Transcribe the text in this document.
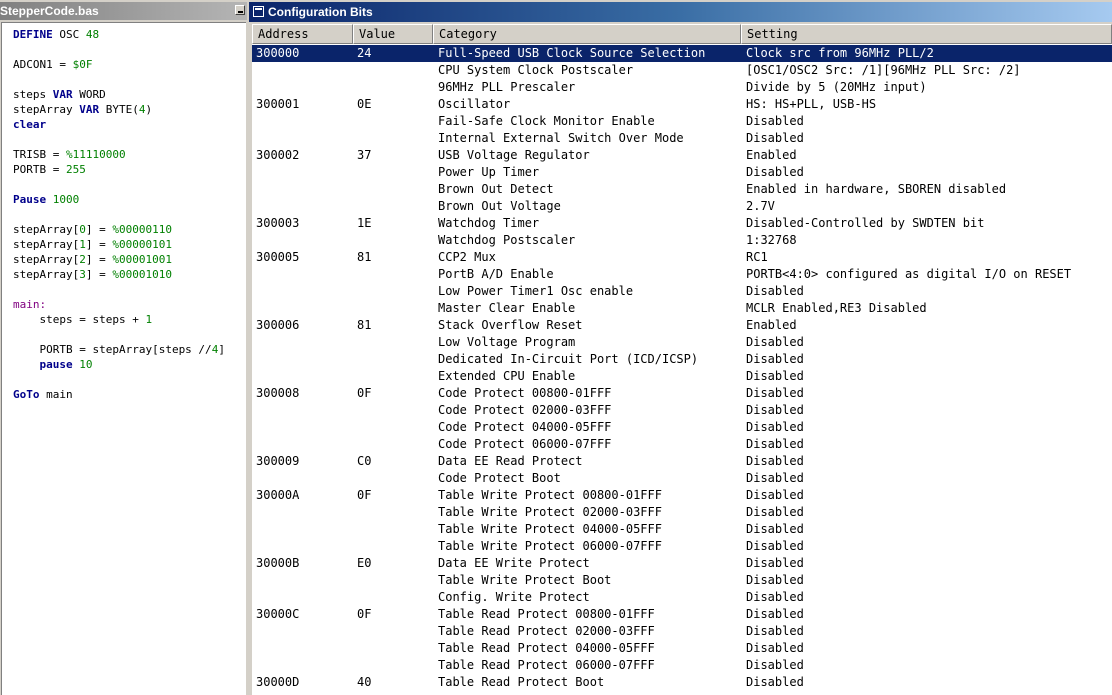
StepperCode.bas
DEFINE OSC 48
ADCON1 = $0F
steps VAR WORD
stepArray VAR BYTE(4)
clear
TRISB = %11110000
PORTB = 255
Pause 1000
stepArray[0] = %00000110
stepArray[1] = %00000101
stepArray[2] = %00001001
stepArray[3] = %00001010
main:
steps = steps + 1
PORTB = stepArray[steps //4]
pause 10
GoTo main
Configuration Bits
Address	Value	Category	Setting
300000	24	Full-Speed USB Clock Source Selection	Clock src from 96MHz PLL/2
CPU System Clock Postscaler	[OSC1/OSC2 Src: /1][96MHz PLL Src: /2]
96MHz PLL Prescaler	Divide by 5 (20MHz input)
300001	0E	Oscillator	HS: HS+PLL, USB-HS
Fail-Safe Clock Monitor Enable	Disabled
Internal External Switch Over Mode	Disabled
300002	37	USB Voltage Regulator	Enabled
Power Up Timer	Disabled
Brown Out Detect	Enabled in hardware, SBOREN disabled
Brown Out Voltage	2.7V
300003	1E	Watchdog Timer	Disabled-Controlled by SWDTEN bit
Watchdog Postscaler	1:32768
300005	81	CCP2 Mux	RC1
PortB A/D Enable	PORTB<4:0> configured as digital I/O on RESET
Low Power Timer1 Osc enable	Disabled
Master Clear Enable	MCLR Enabled,RE3 Disabled
300006	81	Stack Overflow Reset	Enabled
Low Voltage Program	Disabled
Dedicated In-Circuit Port (ICD/ICSP)	Disabled
Extended CPU Enable	Disabled
300008	0F	Code Protect 00800-01FFF	Disabled
Code Protect 02000-03FFF	Disabled
Code Protect 04000-05FFF	Disabled
Code Protect 06000-07FFF	Disabled
300009	C0	Data EE Read Protect	Disabled
Code Protect Boot	Disabled
30000A	0F	Table Write Protect 00800-01FFF	Disabled
Table Write Protect 02000-03FFF	Disabled
Table Write Protect 04000-05FFF	Disabled
Table Write Protect 06000-07FFF	Disabled
30000B	E0	Data EE Write Protect	Disabled
Table Write Protect Boot	Disabled
Config. Write Protect	Disabled
30000C	0F	Table Read Protect 00800-01FFF	Disabled
Table Read Protect 02000-03FFF	Disabled
Table Read Protect 04000-05FFF	Disabled
Table Read Protect 06000-07FFF	Disabled
30000D	40	Table Read Protect Boot	Disabled
